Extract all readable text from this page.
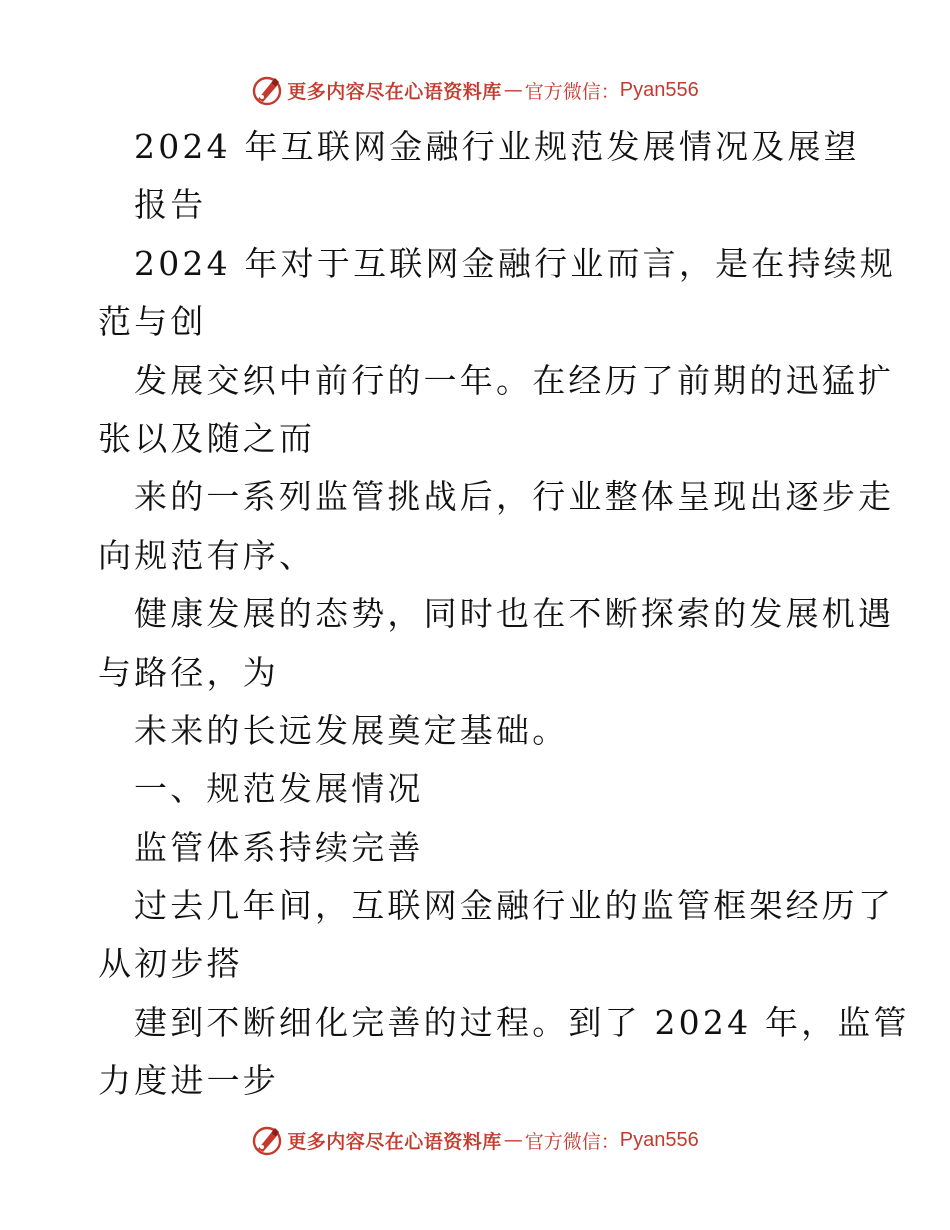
更多内容尽在心语资料库 — 官方微信： Pyan556
2024 年互联网金融行业规范发展情况及展望
报告
2024 年对于互联网金融行业而言，是在持续规
范与创
发展交织中前行的一年。在经历了前期的迅猛扩
张以及随之而
来的一系列监管挑战后，行业整体呈现出逐步走
向规范有序、
健康发展的态势，同时也在不断探索的发展机遇
与路径，为
未来的长远发展奠定基础。
一、规范发展情况
监管体系持续完善
过去几年间，互联网金融行业的监管框架经历了
从初步搭
建到不断细化完善的过程。到了 2024 年，监管
力度进一步
更多内容尽在心语资料库 — 官方微信： Pyan556
